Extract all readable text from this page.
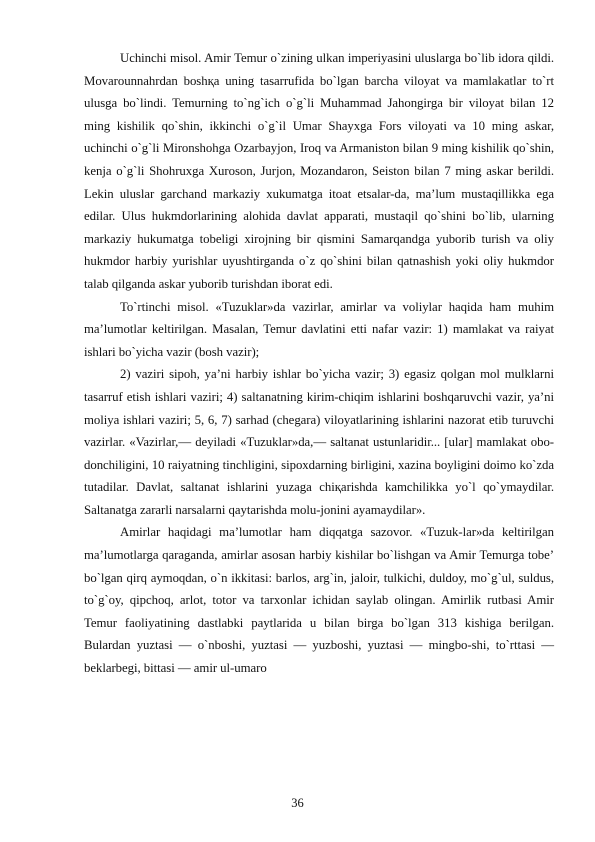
Uchinchi misol. Amir Temur o`zining ulkan imperiyasini uluslarga bo`lib idora qildi. Movarounnahrdan boshқa uning tasarrufida bo`lgan barcha viloyat va mamlakatlar to`rt ulusga bo`lindi. Temurning to`ng`ich o`g`li Muhammad Jahongirga bir viloyat bilan 12 ming kishilik qo`shin, ikkinchi o`g`il Umar Shayxga Fors viloyati va 10 ming askar, uchinchi o`g`li Mironshohga Ozarbayjon, Iroq va Armaniston bilan 9 ming kishilik qo`shin, kenja o`g`li Shohruxga Xuroson, Jurjon, Mozandaron, Seiston bilan 7 ming askar berildi. Lekin uluslar garchand markaziy xukumatga itoat etsalar-da, ma’lum mustaqillikka ega edilar. Ulus hukmdorlarining alohida davlat apparati, mustaqil qo`shini bo`lib, ularning markaziy hukumatga tobeligi xirojning bir qismini Samarqandga yuborib turish va oliy hukmdor harbiy yurishlar uyushtirganda o`z qo`shini bilan qatnashish yoki oliy hukmdor talab qilganda askar yuborib turishdan iborat edi.

To`rtinchi misol. «Tuzuklar»da vazirlar, amirlar va voliylar haqida ham muhim ma’lumotlar keltirilgan. Masalan, Temur davlatini etti nafar vazir: 1) mamlakat va raiyat ishlari bo`yicha vazir (bosh vazir);

2) vaziri sipoh, ya’ni harbiy ishlar bo`yicha vazir; 3) egasiz qolgan mol mulklarni tasarruf etish ishlari vaziri; 4) saltanatning kirim-chiqim ishlarini boshqaruvchi vazir, ya’ni moliya ishlari vaziri; 5, 6, 7) sarhad (chegara) viloyatlarining ishlarini nazorat etib turuvchi vazirlar. «Vazirlar,— deyiladi «Tuzuklar»da,— saltanat ustunlaridir... [ular] mamlakat obo-donchiligini, 10 raiyatning tinchligini, sipoxdarning birligini, xazina boyligini doimo ko`zda tutadilar. Davlat, saltanat ishlarini yuzaga chiқarishda kamchilikka yo`l qo`ymaydilar. Saltanatga zararli narsalarni qaytarishda molu-jonini ayamaydilar».

Amirlar haqidagi ma’lumotlar ham diqqatga sazovor. «Tuzuk-lar»da keltirilgan ma’lumotlarga qaraganda, amirlar asosan harbiy kishilar bo`lishgan va Amir Temurga tobe’ bo`lgan qirq aymoqdan, o`n ikkitasi: barlos, arg`in, jaloir, tulkichi, duldoy, mo`g`ul, suldus, to`g`oy, qipchoq, arlot, totor va tarxonlar ichidan saylab olingan. Amirlik rutbasi Amir Temur faoliyatining dastlabki paytlarida u bilan birga bo`lgan 313 kishiga berilgan. Bulardan yuztasi — o`nboshi, yuztasi — yuzboshi, yuztasi — mingbo-shi, to`rttasi — beklarbegi, bittasi — amir ul-umaro

36
